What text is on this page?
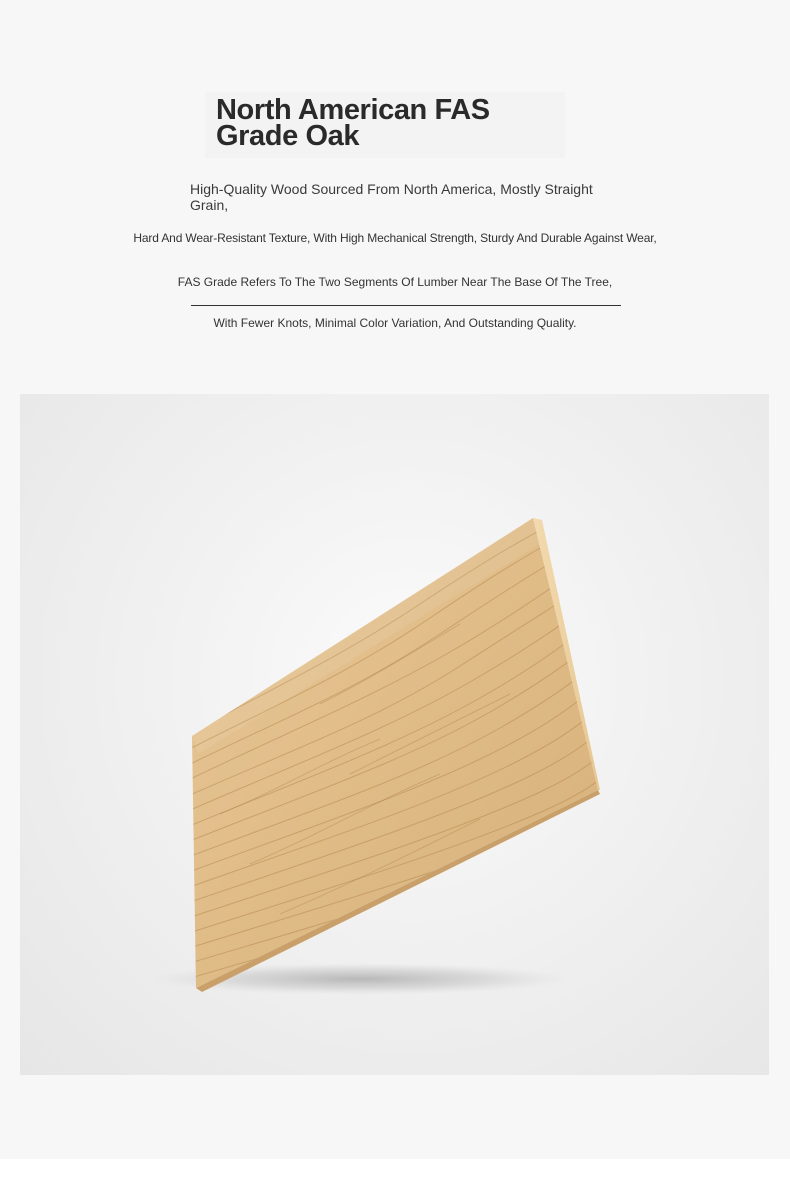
North American FAS Grade Oak

High-Quality Wood Sourced From North America, Mostly Straight Grain,

Hard And Wear-Resistant Texture, With High Mechanical Strength, Sturdy And Durable Against Wear,

FAS Grade Refers To The Two Segments Of Lumber Near The Base Of The Tree,

With Fewer Knots, Minimal Color Variation, And Outstanding Quality.
